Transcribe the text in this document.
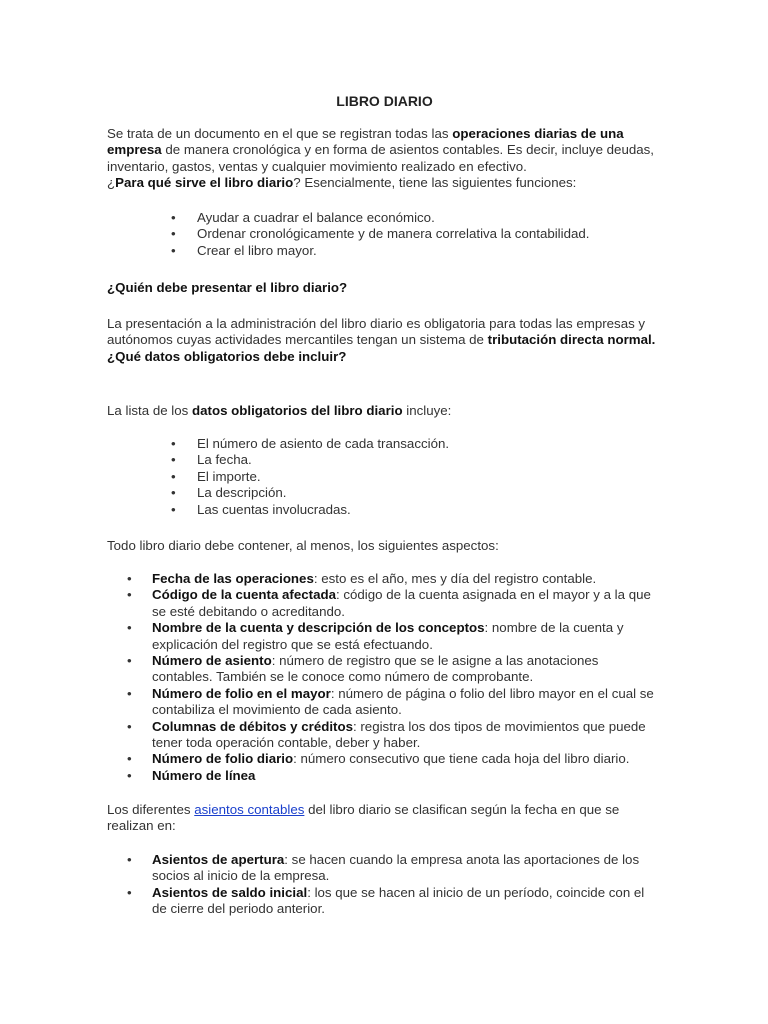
LIBRO DIARIO

Se trata de un documento en el que se registran todas las operaciones diarias de una empresa de manera cronológica y en forma de asientos contables. Es decir, incluye deudas, inventario, gastos, ventas y cualquier movimiento realizado en efectivo.
¿Para qué sirve el libro diario? Esencialmente, tiene las siguientes funciones:

• Ayudar a cuadrar el balance económico.
• Ordenar cronológicamente y de manera correlativa la contabilidad.
• Crear el libro mayor.

¿Quién debe presentar el libro diario?

La presentación a la administración del libro diario es obligatoria para todas las empresas y autónomos cuyas actividades mercantiles tengan un sistema de tributación directa normal.
¿Qué datos obligatorios debe incluir?

La lista de los datos obligatorios del libro diario incluye:

• El número de asiento de cada transacción.
• La fecha.
• El importe.
• La descripción.
• Las cuentas involucradas.

Todo libro diario debe contener, al menos, los siguientes aspectos:

• Fecha de las operaciones: esto es el año, mes y día del registro contable.
• Código de la cuenta afectada: código de la cuenta asignada en el mayor y a la que se esté debitando o acreditando.
• Nombre de la cuenta y descripción de los conceptos: nombre de la cuenta y explicación del registro que se está efectuando.
• Número de asiento: número de registro que se le asigne a las anotaciones contables. También se le conoce como número de comprobante.
• Número de folio en el mayor: número de página o folio del libro mayor en el cual se contabiliza el movimiento de cada asiento.
• Columnas de débitos y créditos: registra los dos tipos de movimientos que puede tener toda operación contable, deber y haber.
• Número de folio diario: número consecutivo que tiene cada hoja del libro diario.
• Número de línea

Los diferentes asientos contables del libro diario se clasifican según la fecha en que se realizan en:

• Asientos de apertura: se hacen cuando la empresa anota las aportaciones de los socios al inicio de la empresa.
• Asientos de saldo inicial: los que se hacen al inicio de un período, coincide con el de cierre del periodo anterior.
